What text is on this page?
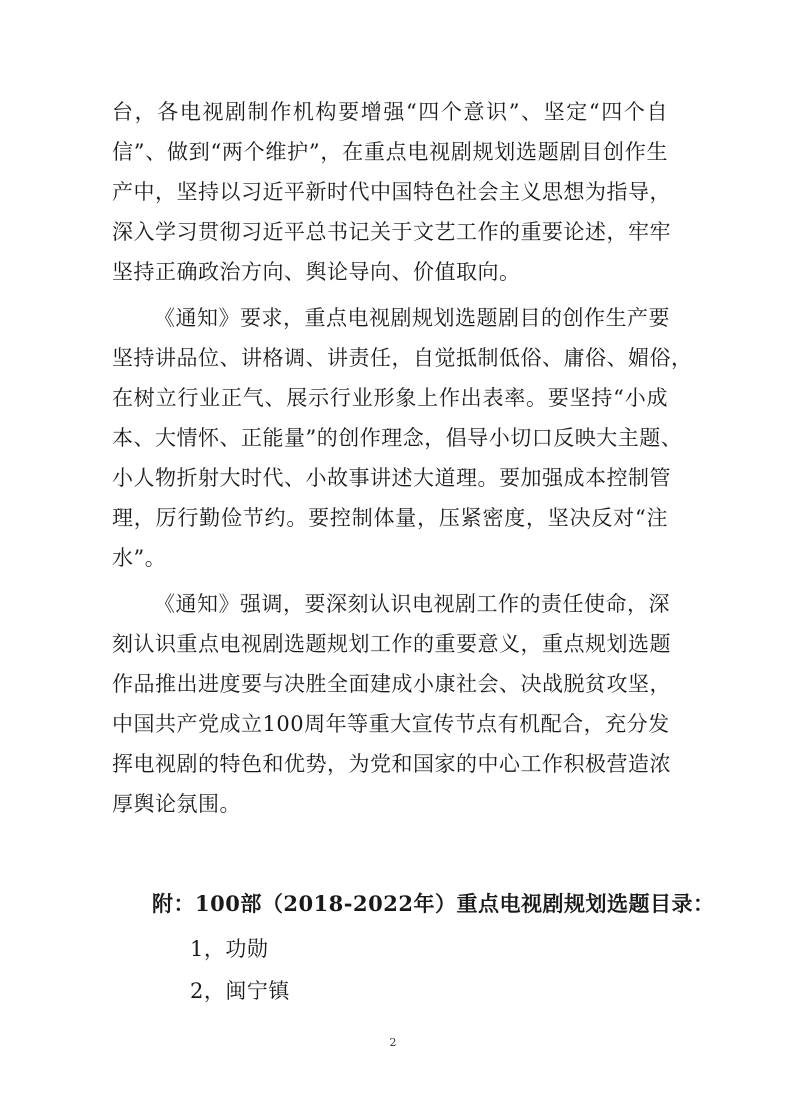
台，各电视剧制作机构要增强“四个意识”、坚定“四个自
信”、做到“两个维护”，在重点电视剧规划选题剧目创作生
产中，坚持以习近平新时代中国特色社会主义思想为指导，
深入学习贯彻习近平总书记关于文艺工作的重要论述，牢牢
坚持正确政治方向、舆论导向、价值取向。
《通知》要求，重点电视剧规划选题剧目的创作生产要
坚持讲品位、讲格调、讲责任，自觉抵制低俗、庸俗、媚俗，
在树立行业正气、展示行业形象上作出表率。要坚持“小成
本、大情怀、正能量”的创作理念，倡导小切口反映大主题、
小人物折射大时代、小故事讲述大道理。要加强成本控制管
理，厉行勤俭节约。要控制体量，压紧密度，坚决反对“注
水”。
《通知》强调，要深刻认识电视剧工作的责任使命，深
刻认识重点电视剧选题规划工作的重要意义，重点规划选题
作品推出进度要与决胜全面建成小康社会、决战脱贫攻坚，
中国共产党成立100周年等重大宣传节点有机配合，充分发
挥电视剧的特色和优势，为党和国家的中心工作积极营造浓
厚舆论氛围。
附：100部（2018-2022年）重点电视剧规划选题目录：
1，功勋
2，闽宁镇
2
